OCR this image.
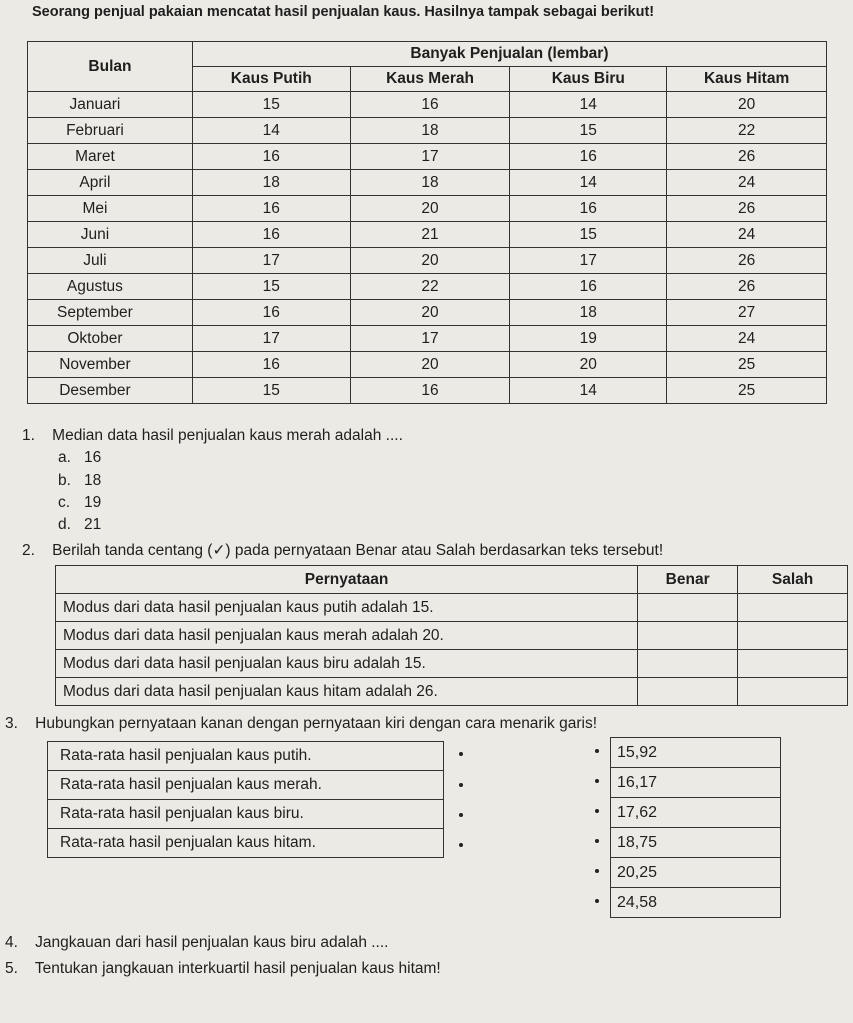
Seorang penjual pakaian mencatat hasil penjualan kaus. Hasilnya tampak sebagai berikut!
Bulan	Banyak Penjualan (lembar)			
	Kaus Putih	Kaus Merah	Kaus Biru	Kaus Hitam
Januari	15	16	14	20
Februari	14	18	15	22
Maret	16	17	16	26
April	18	18	14	24
Mei	16	20	16	26
Juni	16	21	15	24
Juli	17	20	17	26
Agustus	15	22	16	26
September	16	20	18	27
Oktober	17	17	19	24
November	16	20	20	25
Desember	15	16	14	25
1. Median data hasil penjualan kaus merah adalah ....
a. 16
b. 18
c. 19
d. 21
2. Berilah tanda centang (✓) pada pernyataan Benar atau Salah berdasarkan teks tersebut!
Pernyataan	Benar	Salah
Modus dari data hasil penjualan kaus putih adalah 15.		
Modus dari data hasil penjualan kaus merah adalah 20.		
Modus dari data hasil penjualan kaus biru adalah 15.		
Modus dari data hasil penjualan kaus hitam adalah 26.		
3. Hubungkan pernyataan kanan dengan pernyataan kiri dengan cara menarik garis!
Rata-rata hasil penjualan kaus putih.
Rata-rata hasil penjualan kaus merah.
Rata-rata hasil penjualan kaus biru.
Rata-rata hasil penjualan kaus hitam.
15,92
16,17
17,62
18,75
20,25
24,58
4. Jangkauan dari hasil penjualan kaus biru adalah ....
5. Tentukan jangkauan interkuartil hasil penjualan kaus hitam!
